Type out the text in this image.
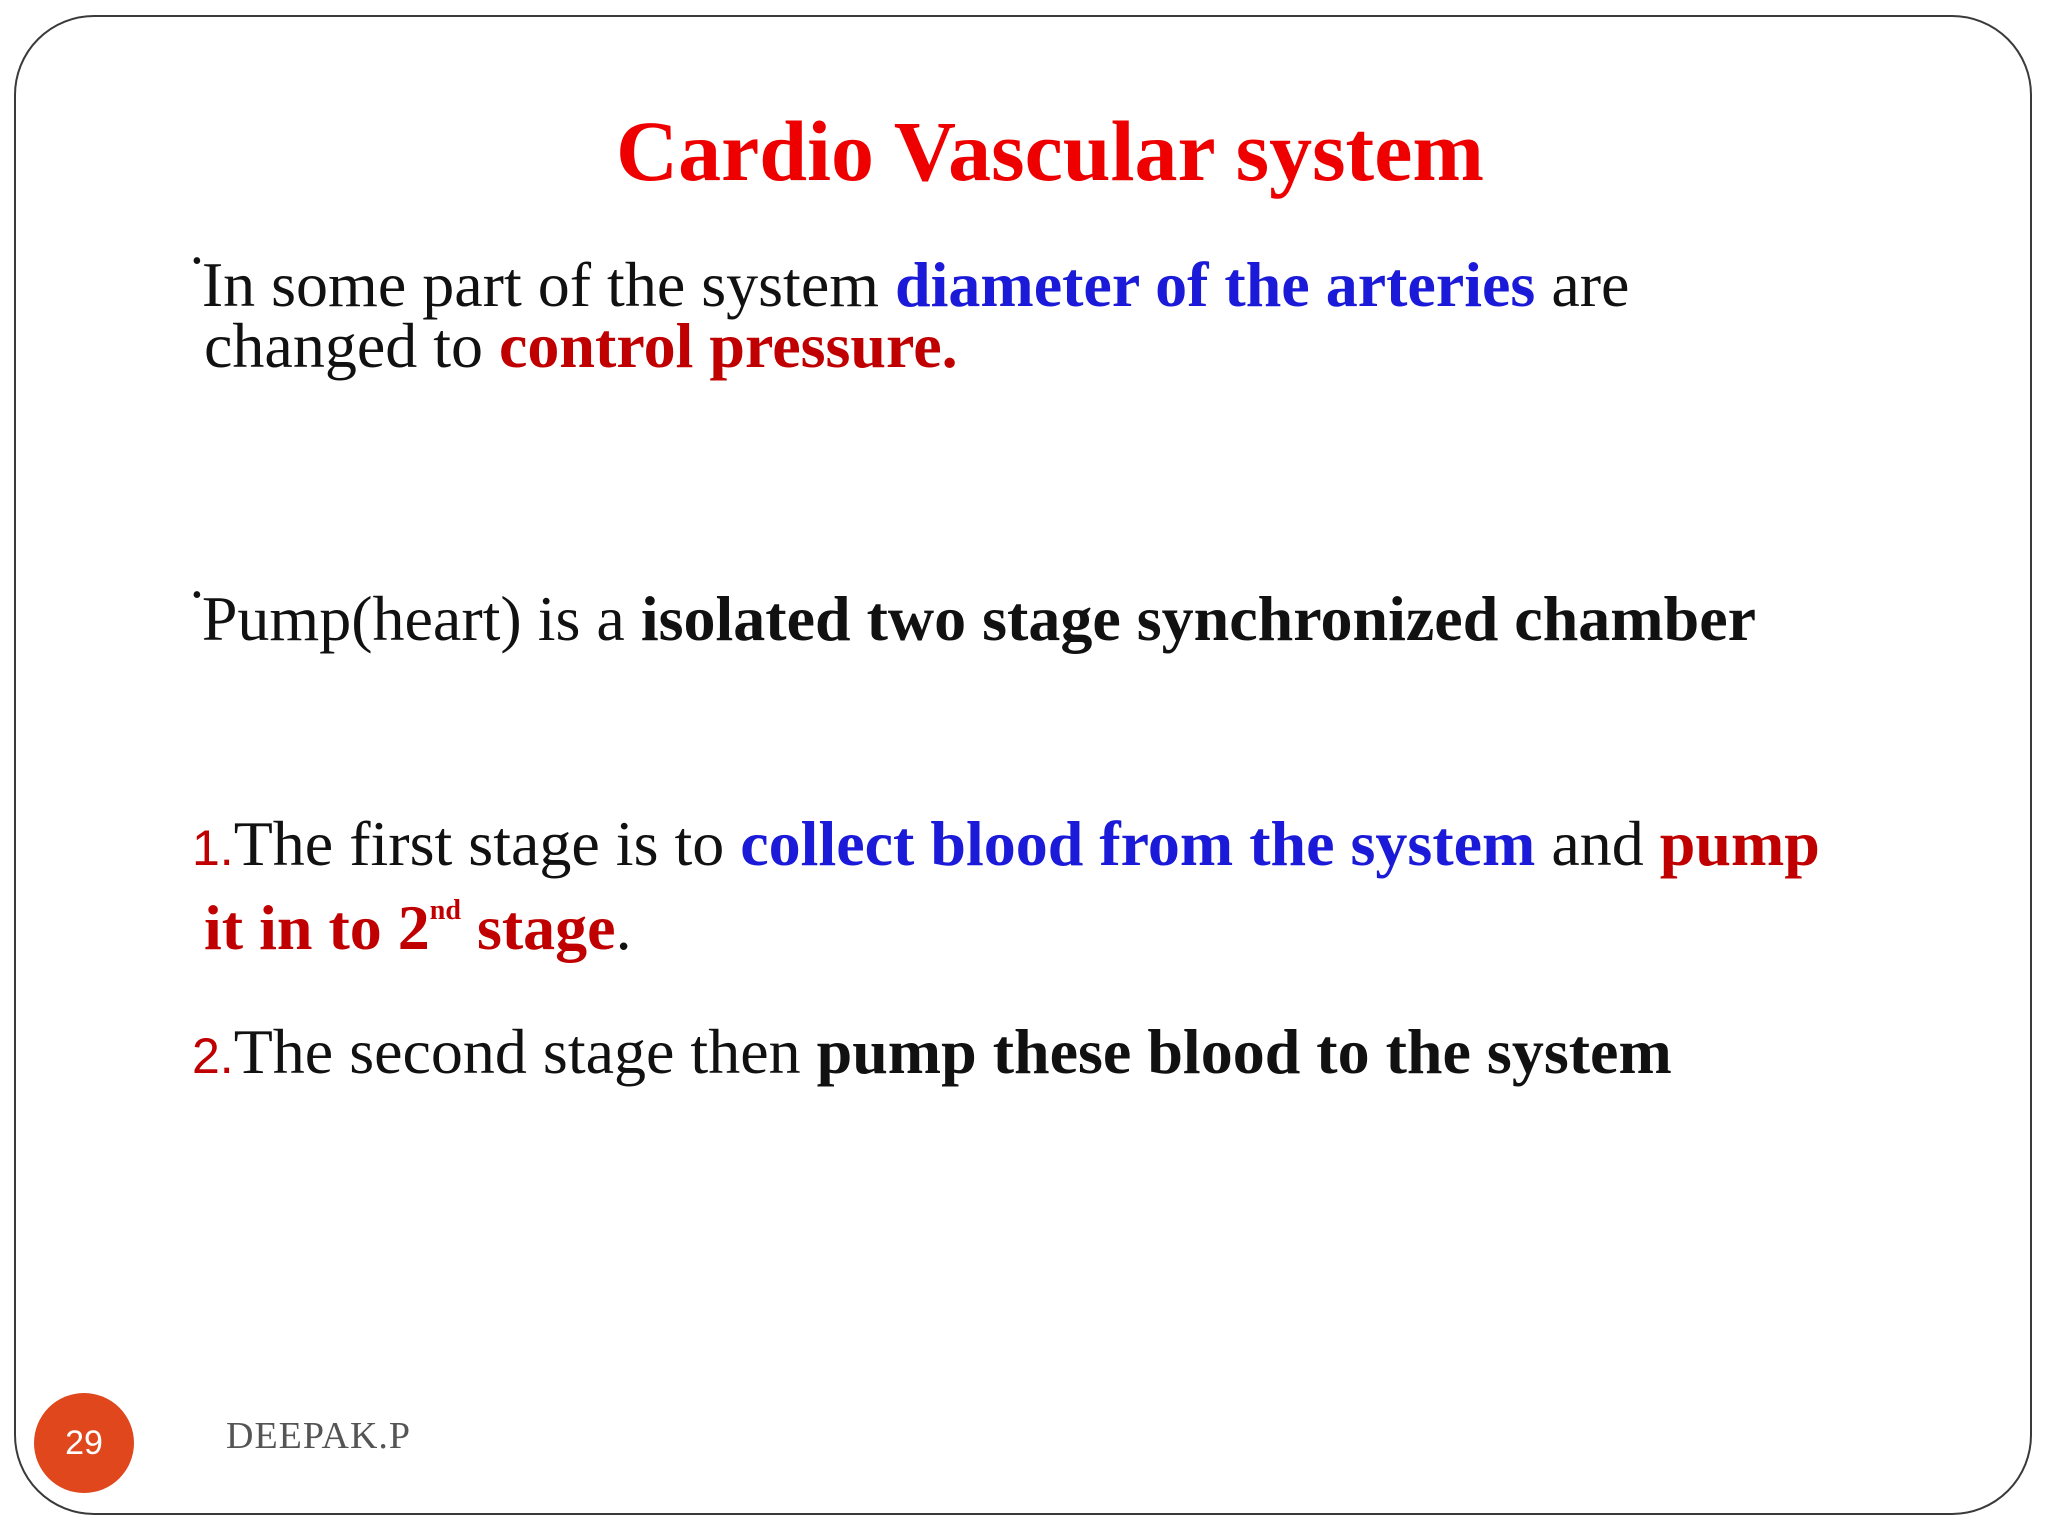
Cardio Vascular system
•In some part of the system diameter of the arteries are
changed to control pressure.
•Pump(heart) is a isolated two stage synchronized chamber
1.The first stage is to collect blood from the system and pump
it in to 2nd stage.
2.The second stage then pump these blood to the system
29	DEEPAK.P
